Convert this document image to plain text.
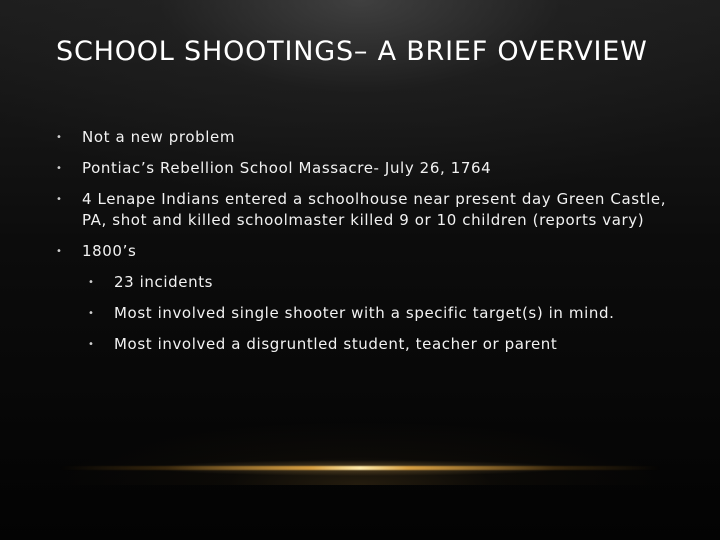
SCHOOL SHOOTINGS– A BRIEF OVERVIEW
•	Not a new problem
•	Pontiac’s Rebellion School Massacre- July 26, 1764
•	4 Lenape Indians entered a schoolhouse near present day Green Castle, PA, shot and killed schoolmaster killed 9 or 10 children (reports vary)
•	1800’s
•	23 incidents
•	Most involved single shooter with a specific target(s) in mind.
•	Most involved a disgruntled student, teacher or parent
